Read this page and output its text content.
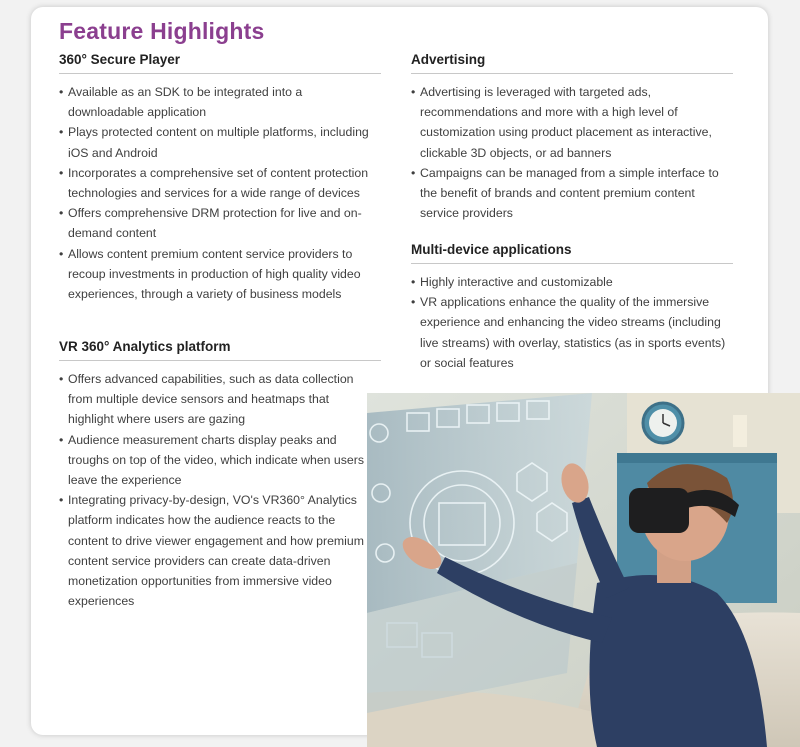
Feature Highlights
360° Secure Player
• Available as an SDK to be integrated into a downloadable application
• Plays protected content on multiple platforms, including iOS and Android
• Incorporates a comprehensive set of content protection technologies and services for a wide range of devices
• Offers comprehensive DRM protection for live and on-demand content
• Allows content premium content service providers to recoup investments in production of high quality video experiences, through a variety of business models
VR 360° Analytics platform
• Offers advanced capabilities, such as data collection from multiple device sensors and heatmaps that highlight where users are gazing
• Audience measurement charts display peaks and troughs on top of the video, which indicate when users leave the experience
• Integrating privacy-by-design, VO's VR360° Analytics platform indicates how the audience reacts to the content to drive viewer engagement and how premium content service providers can create data-driven monetization opportunities from immersive video experiences
Advertising
• Advertising is leveraged with targeted ads, recommendations and more with a high level of customization using product placement as interactive, clickable 3D objects, or ad banners
• Campaigns can be managed from a simple interface to the benefit of brands and content premium content service providers
Multi-device applications
• Highly interactive and customizable
• VR applications enhance the quality of the immersive experience and enhancing the video streams (including live streams) with overlay, statistics (as in sports events) or social features
